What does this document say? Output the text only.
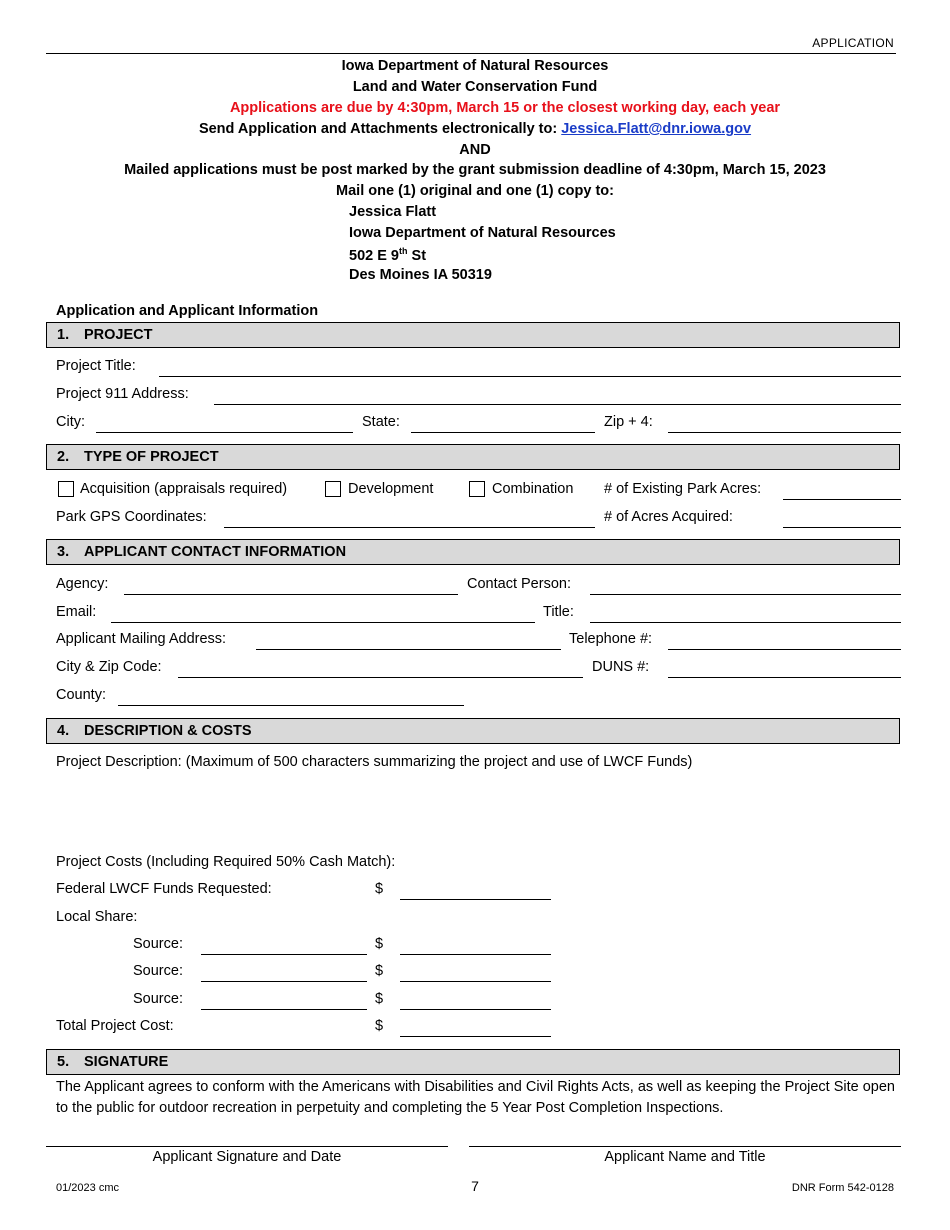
APPLICATION
Iowa Department of Natural Resources
Land and Water Conservation Fund
Applications are due by 4:30pm, March 15 or the closest working day, each year
Send Application and Attachments electronically to: Jessica.Flatt@dnr.iowa.gov
AND
Mailed applications must be post marked by the grant submission deadline of 4:30pm, March 15, 2023
Mail one (1) original and one (1) copy to:
Jessica Flatt
Iowa Department of Natural Resources
502 E 9th St
Des Moines IA 50319
Application and Applicant Information
1. PROJECT
Project Title:
Project 911 Address:
City:	State:	Zip + 4:
2. TYPE OF PROJECT
Acquisition (appraisals required)	Development	Combination # of Existing Park Acres:
Park GPS Coordinates:	# of Acres Acquired:
3. APPLICANT CONTACT INFORMATION
Agency:	Contact Person:
Email:	Title:
Applicant Mailing Address:	Telephone #:
City & Zip Code:	DUNS #:
County:
4. DESCRIPTION & COSTS
Project Description: (Maximum of 500 characters summarizing the project and use of LWCF Funds)
Project Costs (Including Required 50% Cash Match):
Federal LWCF Funds Requested:	$
Local Share:
Source:	$
Source:	$
Source:	$
Total Project Cost:	$
5. SIGNATURE
The Applicant agrees to conform with the Americans with Disabilities and Civil Rights Acts, as well as keeping the Project Site open to the public for outdoor recreation in perpetuity and completing the 5 Year Post Completion Inspections.
Applicant Signature and Date	Applicant Name and Title
01/2023 cmc	7	DNR Form 542-0128
